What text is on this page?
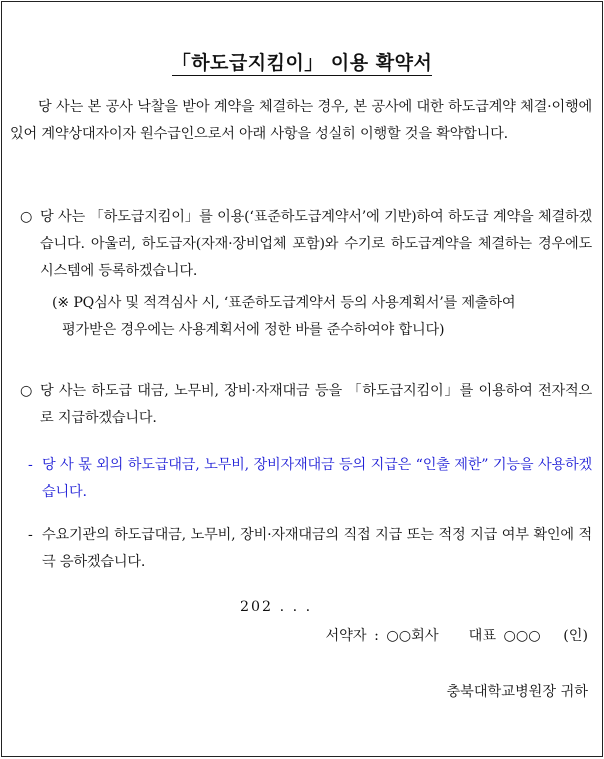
「하도급지킴이」 이용 확약서
당 사는 본 공사 낙찰을 받아 계약을 체결하는 경우, 본 공사에 대한 하도급계약 체결·이행에 있어 계약상대자이자 원수급인으로서 아래 사항을 성실히 이행할 것을 확약합니다.
○ 당 사는 「하도급지킴이」를 이용(‘표준하도급계약서’에 기반)하여 하도급 계약을 체결하겠습니다. 아울러, 하도급자(자재·장비업체 포함)와 수기로 하도급계약을 체결하는 경우에도 시스템에 등록하겠습니다.
(※ PQ심사 및 적격심사 시, ‘표준하도급계약서 등의 사용계획서’를 제출하여
평가받은 경우에는 사용계획서에 정한 바를 준수하여야 합니다)
○ 당 사는 하도급 대금, 노무비, 장비·자재대금 등을 「하도급지킴이」를 이용하여 전자적으로 지급하겠습니다.
- 당 사 몫 외의 하도급대금, 노무비, 장비자재대금 등의 지급은 “인출 제한” 기능을 사용하겠습니다.
- 수요기관의 하도급대금, 노무비, 장비·자재대금의 직접 지급 또는 적정 지급 여부 확인에 적극 응하겠습니다.
202 . . .
서약자 : ○○회사 대표 ○○○ (인)
충북대학교병원장 귀하
